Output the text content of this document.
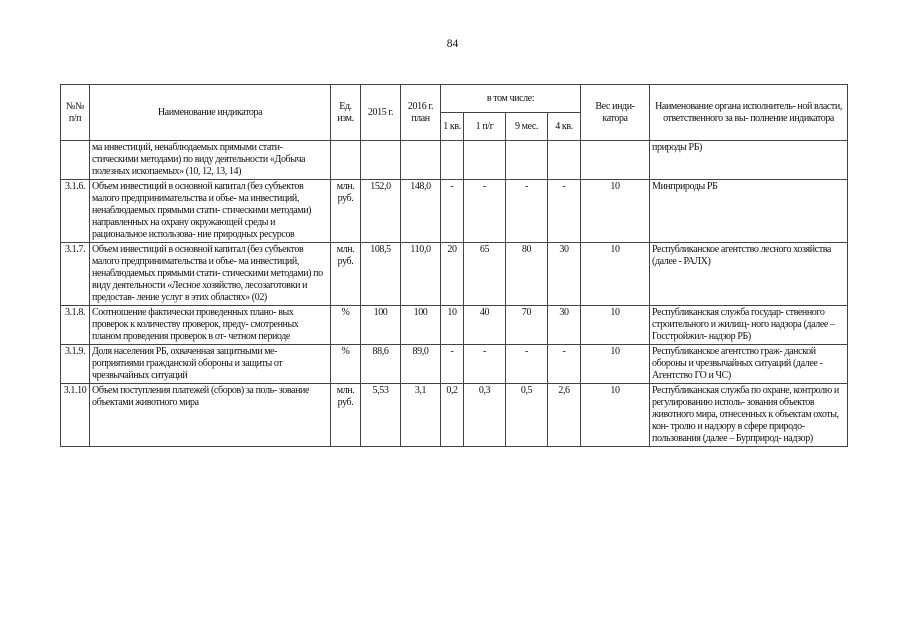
84
№№ п/п	Наименование индикатора	Ед. изм.	2015 г.	2016 г. план	в том числе:				Вес инди- катора	Наименование органа исполнитель- ной власти, ответственного за вы- полнение индикатора
					1 кв.	1 п/г	9 мес.	4 кв.		
	ма инвестиций, ненаблюдаемых прямыми стати- стическими методами) по виду деятельности «Добыча полезных ископаемых» (10, 12, 13, 14)									природы РБ)
3.1.6.	Объем инвестиций в основной капитал (без субъектов малого предпринимательства и объе- ма инвестиций, ненаблюдаемых прямыми стати- стическими методами) направленных на охрану окружающей среды и рациональное использова- ние природных ресурсов	млн. руб.	152,0	148,0	-	-	-	-	10	Минприроды РБ
3.1.7.	Объем инвестиций в основной капитал (без субъектов малого предпринимательства и объе- ма инвестиций, ненаблюдаемых прямыми стати- стическими методами) по виду деятельности «Лесное хозяйство, лесозаготовки и предостав- ление услуг в этих областях» (02)	млн. руб.	108,5	110,0	20	65	80	30	10	Республиканское агентство лесного хозяйства (далее - РАЛХ)
3.1.8.	Соотношение фактически проведенных плано- вых проверок к количеству проверок, преду- смотренных планом проведения проверок в от- четном периоде	%	100	100	10	40	70	30	10	Республиканская служба государ- ственного строительного и жилищ- ного надзора (далее – Госстройжил- надзор РБ)
3.1.9.	Доля населения РБ, охваченная защитными ме- роприятиями гражданской обороны и защиты от чрезвычайных ситуаций	%	88,6	89,0	-	-	-	-	10	Республиканское агентство граж- данской обороны и чрезвычайных ситуаций (далее - Агентство ГО и ЧС)
3.1.10	Объем поступления платежей (сборов) за поль- зование объектами животного мира	млн. руб.	5,53	3,1	0,2	0,3	0,5	2,6	10	Республиканская служба по охране, контролю и регулированию исполь- зования объектов животного мира, отнесенных к объектам охоты, кон- тролю и надзору в сфере природо- пользования (далее – Бурприрод- надзор)
